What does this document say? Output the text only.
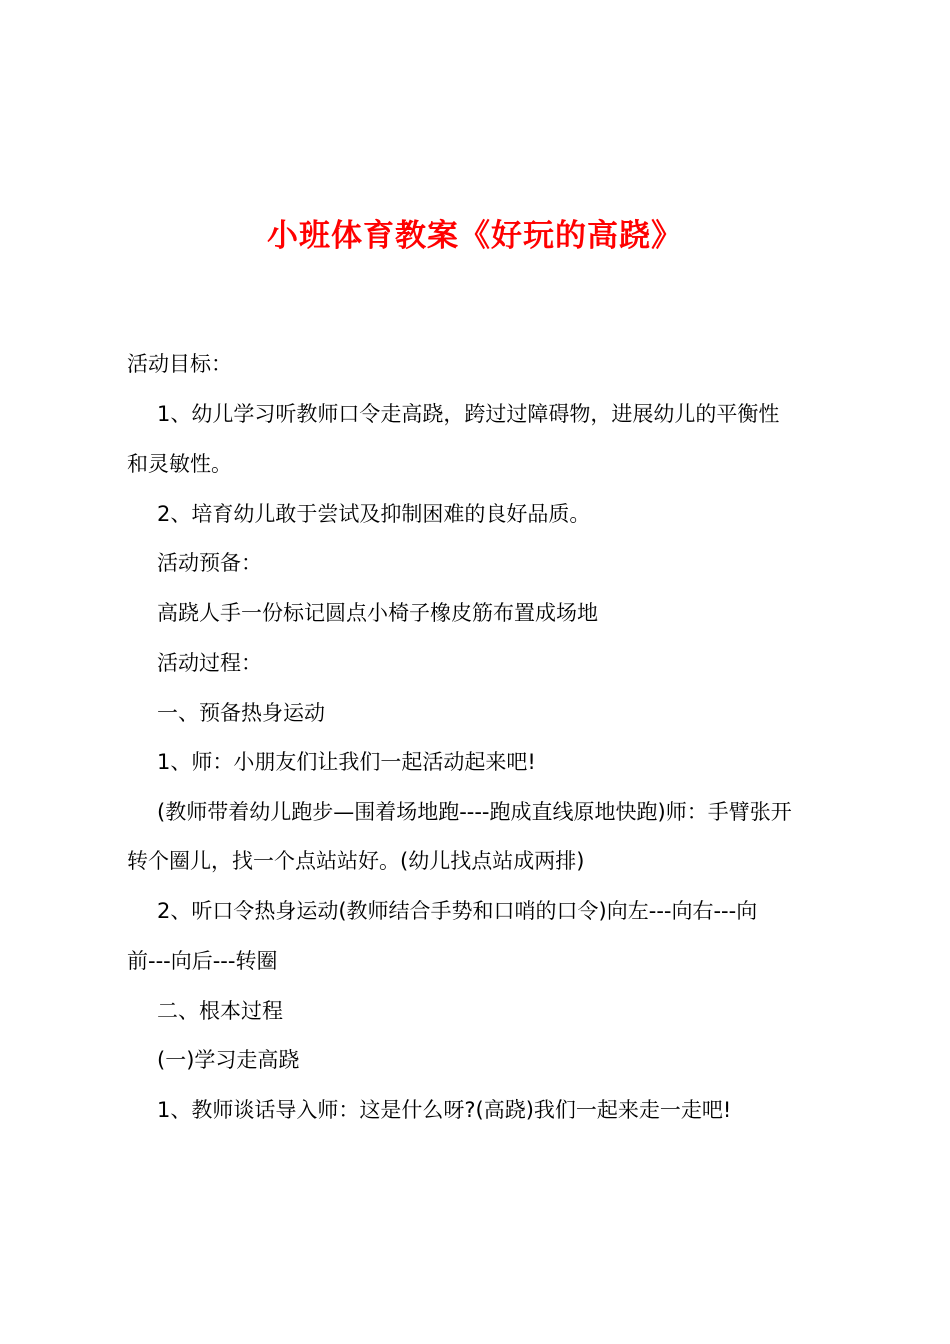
小班体育教案《好玩的高跷》
活动目标：
1、幼儿学习听教师口令走高跷，跨过过障碍物，进展幼儿的平衡性
和灵敏性。
2、培育幼儿敢于尝试及抑制困难的良好品质。
活动预备：
高跷人手一份标记圆点小椅子橡皮筋布置成场地
活动过程：
一、预备热身运动
1、师：小朋友们让我们一起活动起来吧!
(教师带着幼儿跑步—围着场地跑----跑成直线原地快跑)师：手臂张开
转个圈儿，找一个点站站好。(幼儿找点站成两排)
2、听口令热身运动(教师结合手势和口哨的口令)向左---向右---向
前---向后---转圈
二、根本过程
(一)学习走高跷
1、教师谈话导入师：这是什么呀?(高跷)我们一起来走一走吧!
